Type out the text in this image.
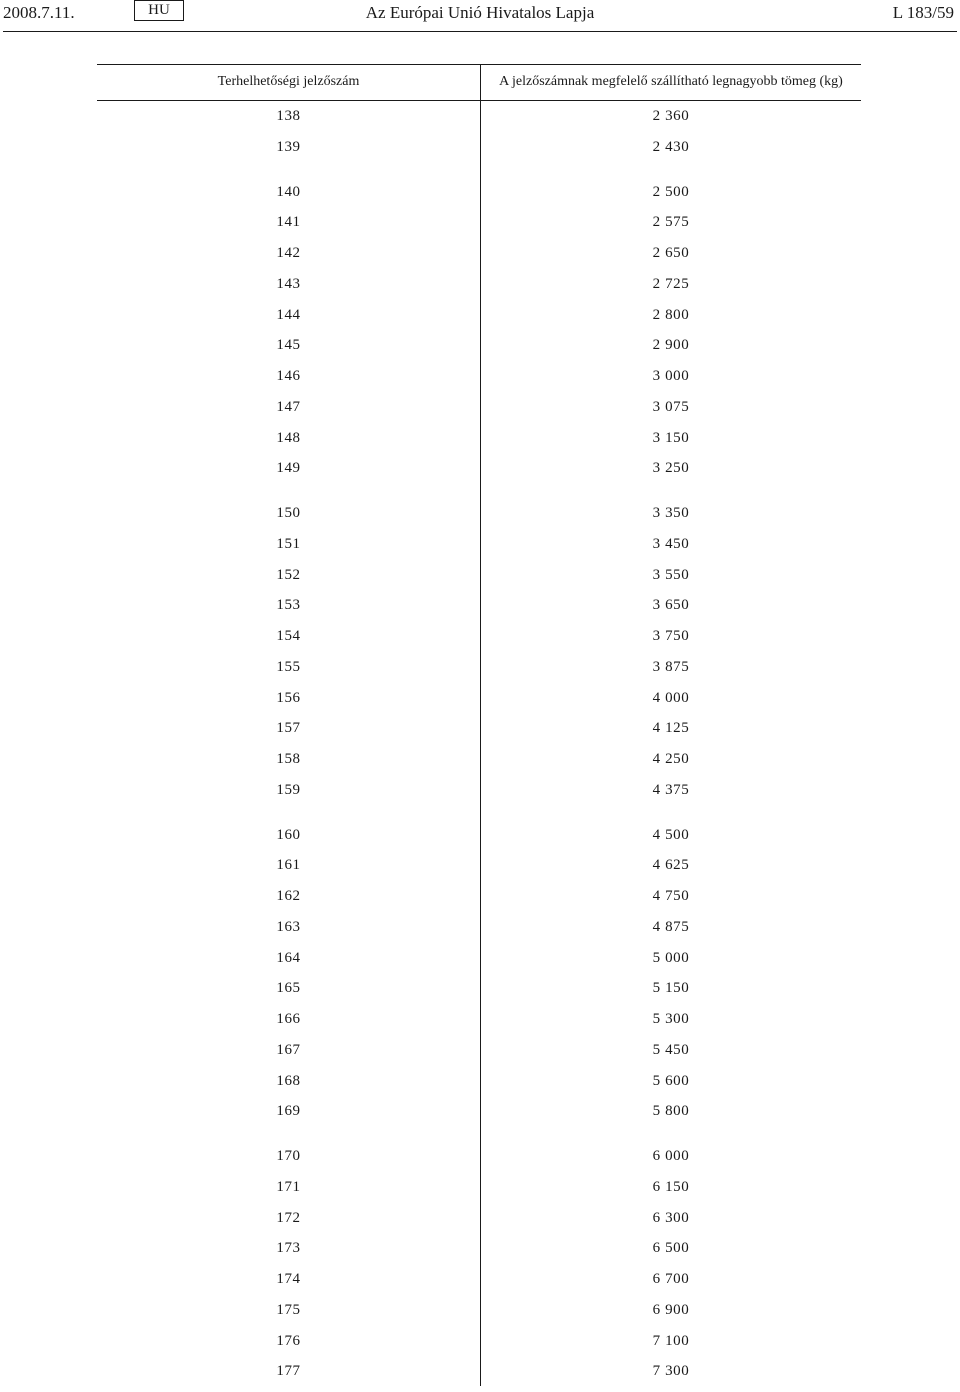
2008.7.11.	HU	Az Európai Unió Hivatalos Lapja	L 183/59
Terhelhetőségi jelzőszám	A jelzőszámnak megfelelő szállítható legnagyobb tömeg (kg)
138	2 360
139	2 430
140	2 500
141	2 575
142	2 650
143	2 725
144	2 800
145	2 900
146	3 000
147	3 075
148	3 150
149	3 250
150	3 350
151	3 450
152	3 550
153	3 650
154	3 750
155	3 875
156	4 000
157	4 125
158	4 250
159	4 375
160	4 500
161	4 625
162	4 750
163	4 875
164	5 000
165	5 150
166	5 300
167	5 450
168	5 600
169	5 800
170	6 000
171	6 150
172	6 300
173	6 500
174	6 700
175	6 900
176	7 100
177	7 300
